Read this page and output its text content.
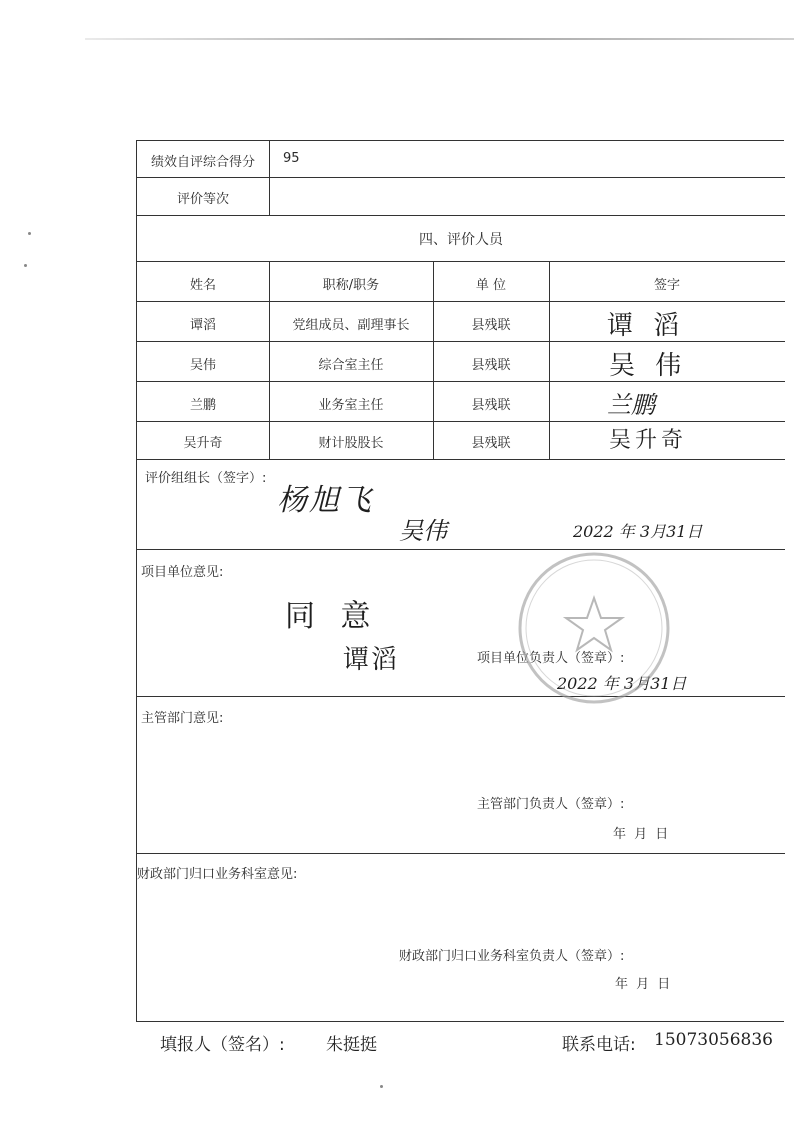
绩效自评综合得分	95
评价等次
四、评价人员
姓名	职称/职务	单 位	签字
谭滔	党组成员、副理事长	县残联	谭 滔
吴伟	综合室主任	县残联	吴 伟
兰鹏	业务室主任	县残联	兰鹏
吴升奇	财计股股长	县残联	吴升奇
评价组组长（签字）:
杨旭飞
吴伟	2022 年 3月31日
项目单位意见:
同 意
谭滔	项目单位负责人（签章）:
2022 年 3月31日
主管部门意见:
主管部门负责人（签章）:
年 月 日
财政部门归口业务科室意见:
财政部门归口业务科室负责人（签章）:
年 月 日
填报人（签名）: 朱挺挺	联系电话: 15073056836
